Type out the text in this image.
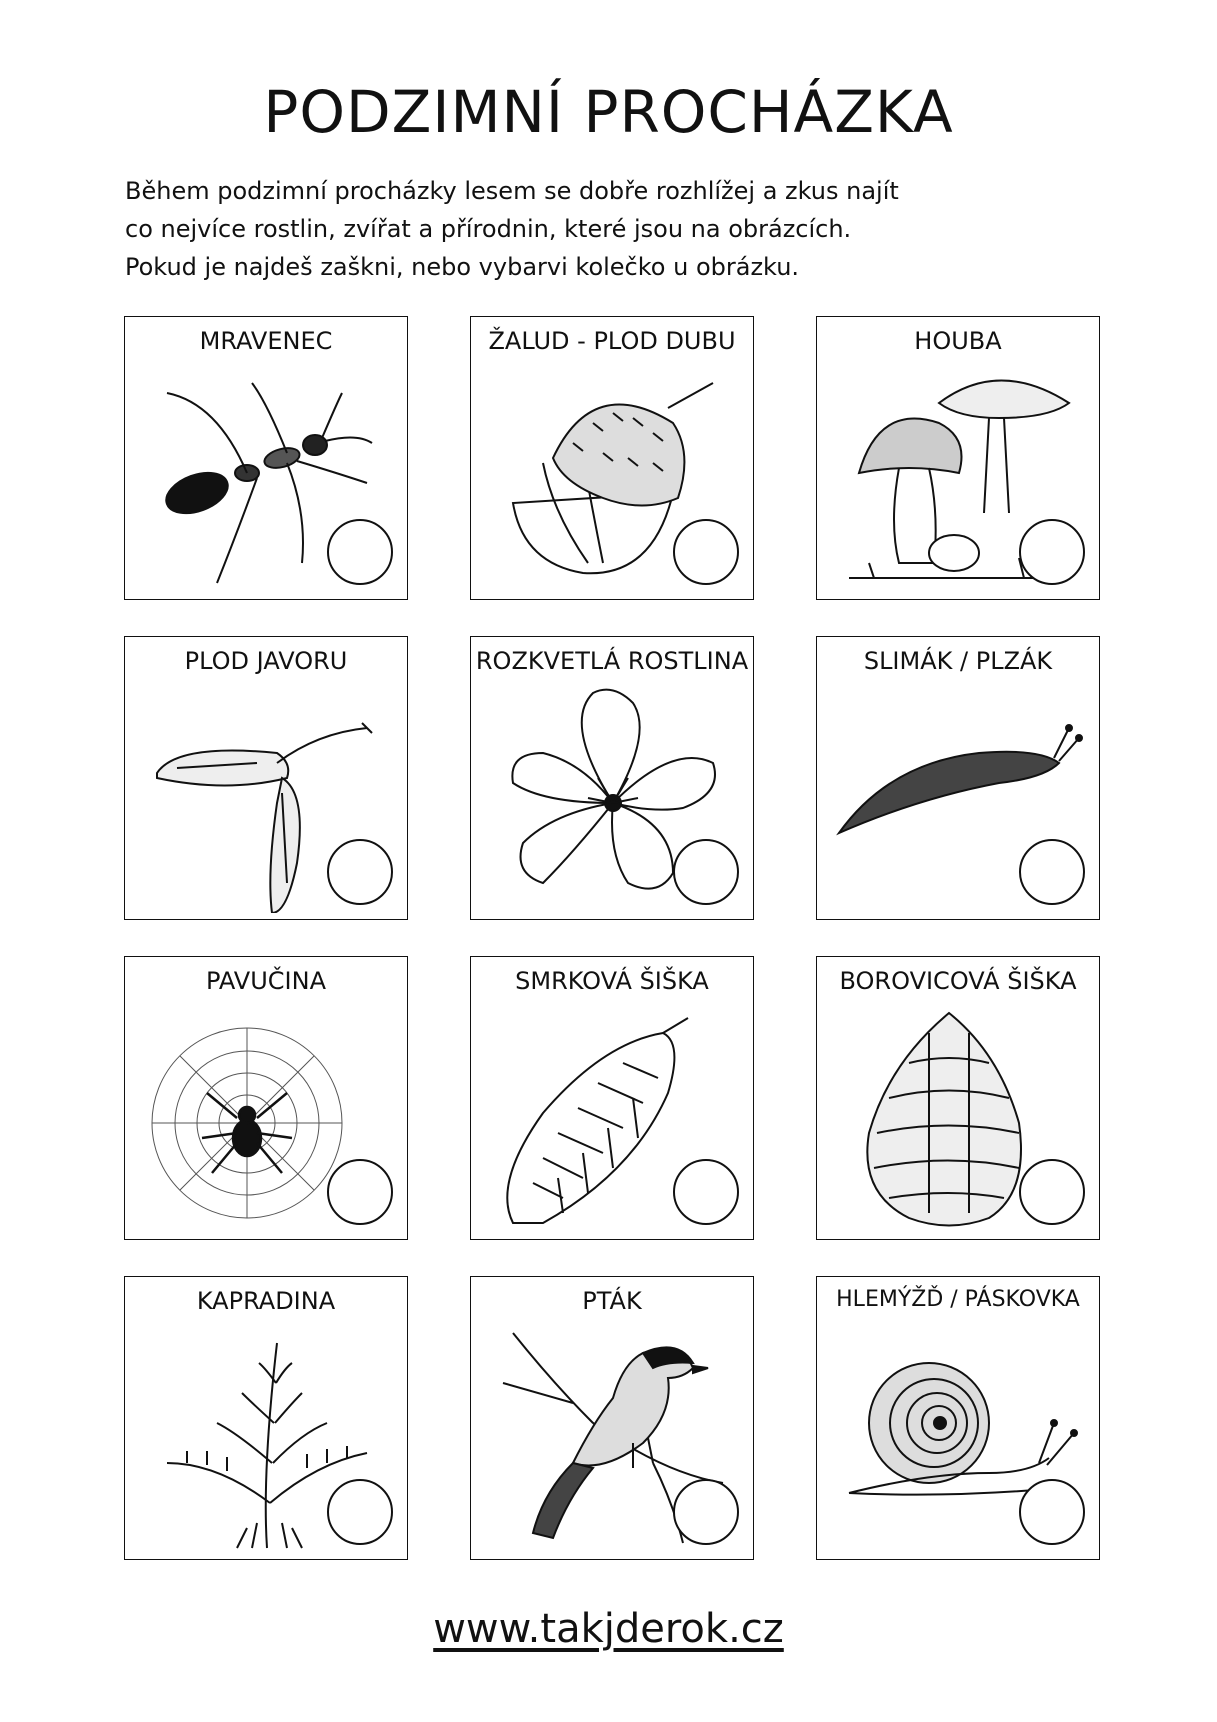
PODZIMNÍ PROCHÁZKA

Během podzimní procházky lesem se dobře rozhlížej a zkus najít

co nejvíce rostlin, zvířat a přírodnin, které jsou na obrázcích.

Pokud je najdeš zaškni, nebo vybarvi kolečko u obrázku.

MRAVENEC	ŽALUD - PLOD DUBU	HOUBA
PLOD JAVORU	ROZKVETLÁ ROSTLINA	SLIMÁK / PLZÁK
PAVUČINA	SMRKOVÁ ŠIŠKA	BOROVICOVÁ ŠIŠKA
KAPRADINA	PTÁK	HLEMÝŽĎ / PÁSKOVKA
www.takjderok.cz
